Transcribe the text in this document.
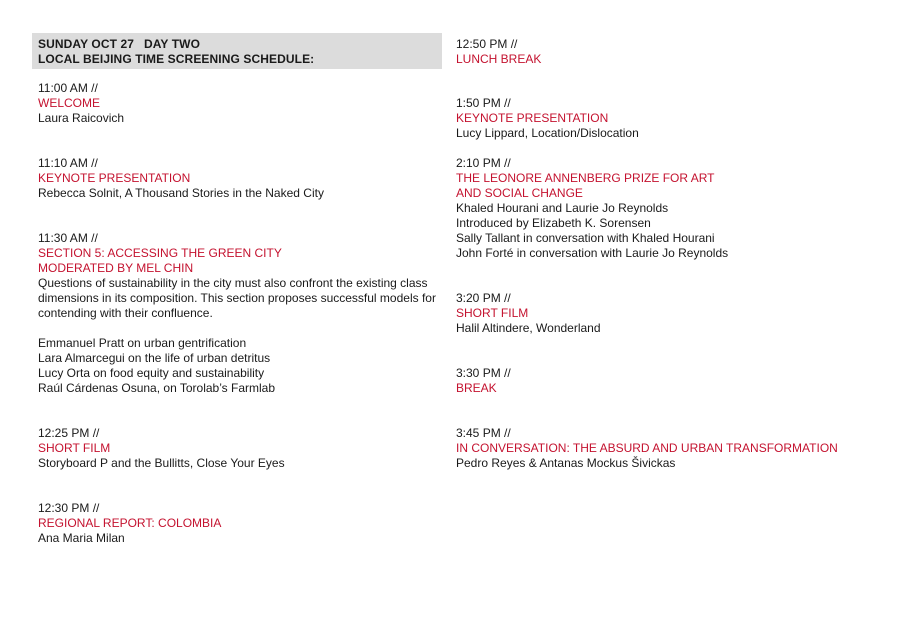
SUNDAY OCT 27 DAY TWO
LOCAL BEIJING TIME SCREENING SCHEDULE:
11:00 AM //
WELCOME
Laura Raicovich
11:10 AM //
KEYNOTE PRESENTATION
Rebecca Solnit, A Thousand Stories in the Naked City
11:30 AM //
SECTION 5: ACCESSING THE GREEN CITY
MODERATED BY MEL CHIN
Questions of sustainability in the city must also confront the existing class
dimensions in its composition. This section proposes successful models for
contending with their confluence.
Emmanuel Pratt on urban gentrification
Lara Almarcegui on the life of urban detritus
Lucy Orta on food equity and sustainability
Raúl Cárdenas Osuna, on Torolab’s Farmlab
12:25 PM //
SHORT FILM
Storyboard P and the Bullitts, Close Your Eyes
12:30 PM //
REGIONAL REPORT: COLOMBIA
Ana Maria Milan
12:50 PM //
LUNCH BREAK
1:50 PM //
KEYNOTE PRESENTATION
Lucy Lippard, Location/Dislocation
2:10 PM //
THE LEONORE ANNENBERG PRIZE FOR ART
AND SOCIAL CHANGE
Khaled Hourani and Laurie Jo Reynolds
Introduced by Elizabeth K. Sorensen
Sally Tallant in conversation with Khaled Hourani
John Forté in conversation with Laurie Jo Reynolds
3:20 PM //
SHORT FILM
Halil Altindere, Wonderland
3:30 PM //
BREAK
3:45 PM //
IN CONVERSATION: THE ABSURD AND URBAN TRANSFORMATION
Pedro Reyes & Antanas Mockus Šivickas
